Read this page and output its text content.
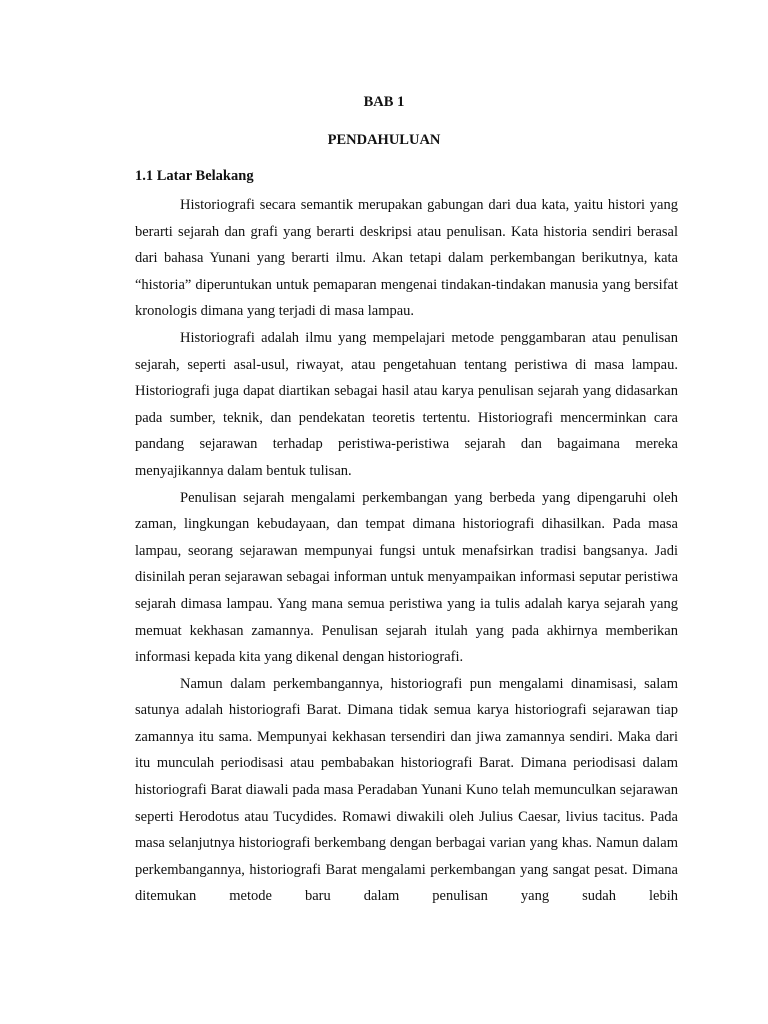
BAB 1
PENDAHULUAN
1.1 Latar Belakang

Historiografi secara semantik merupakan gabungan dari dua kata, yaitu histori yang berarti sejarah dan grafi yang berarti deskripsi atau penulisan. Kata historia sendiri berasal dari bahasa Yunani yang berarti ilmu. Akan tetapi dalam perkembangan berikutnya, kata “historia” diperuntukan untuk pemaparan mengenai tindakan-tindakan manusia yang bersifat kronologis dimana yang terjadi di masa lampau.

Historiografi adalah ilmu yang mempelajari metode penggambaran atau penulisan sejarah, seperti asal-usul, riwayat, atau pengetahuan tentang peristiwa di masa lampau. Historiografi juga dapat diartikan sebagai hasil atau karya penulisan sejarah yang didasarkan pada sumber, teknik, dan pendekatan teoretis tertentu. Historiografi mencerminkan cara pandang sejarawan terhadap peristiwa-peristiwa sejarah dan bagaimana mereka menyajikannya dalam bentuk tulisan.

Penulisan sejarah mengalami perkembangan yang berbeda yang dipengaruhi oleh zaman, lingkungan kebudayaan, dan tempat dimana historiografi dihasilkan. Pada masa lampau, seorang sejarawan mempunyai fungsi untuk menafsirkan tradisi bangsanya. Jadi disinilah peran sejarawan sebagai informan untuk menyampaikan informasi seputar peristiwa sejarah dimasa lampau. Yang mana semua peristiwa yang ia tulis adalah karya sejarah yang memuat kekhasan zamannya. Penulisan sejarah itulah yang pada akhirnya memberikan informasi kepada kita yang dikenal dengan historiografi.

Namun dalam perkembangannya, historiografi pun mengalami dinamisasi, salam satunya adalah historiografi Barat. Dimana tidak semua karya historiografi sejarawan tiap zamannya itu sama. Mempunyai kekhasan tersendiri dan jiwa zamannya sendiri. Maka dari itu munculah periodisasi atau pembabakan historiografi Barat. Dimana periodisasi dalam historiografi Barat diawali pada masa Peradaban Yunani Kuno telah memunculkan sejarawan seperti Herodotus atau Tucydides. Romawi diwakili oleh Julius Caesar, livius tacitus. Pada masa selanjutnya historiografi berkembang dengan berbagai varian yang khas. Namun dalam perkembangannya, historiografi Barat mengalami perkembangan yang sangat pesat. Dimana ditemukan metode baru dalam penulisan yang sudah lebih
